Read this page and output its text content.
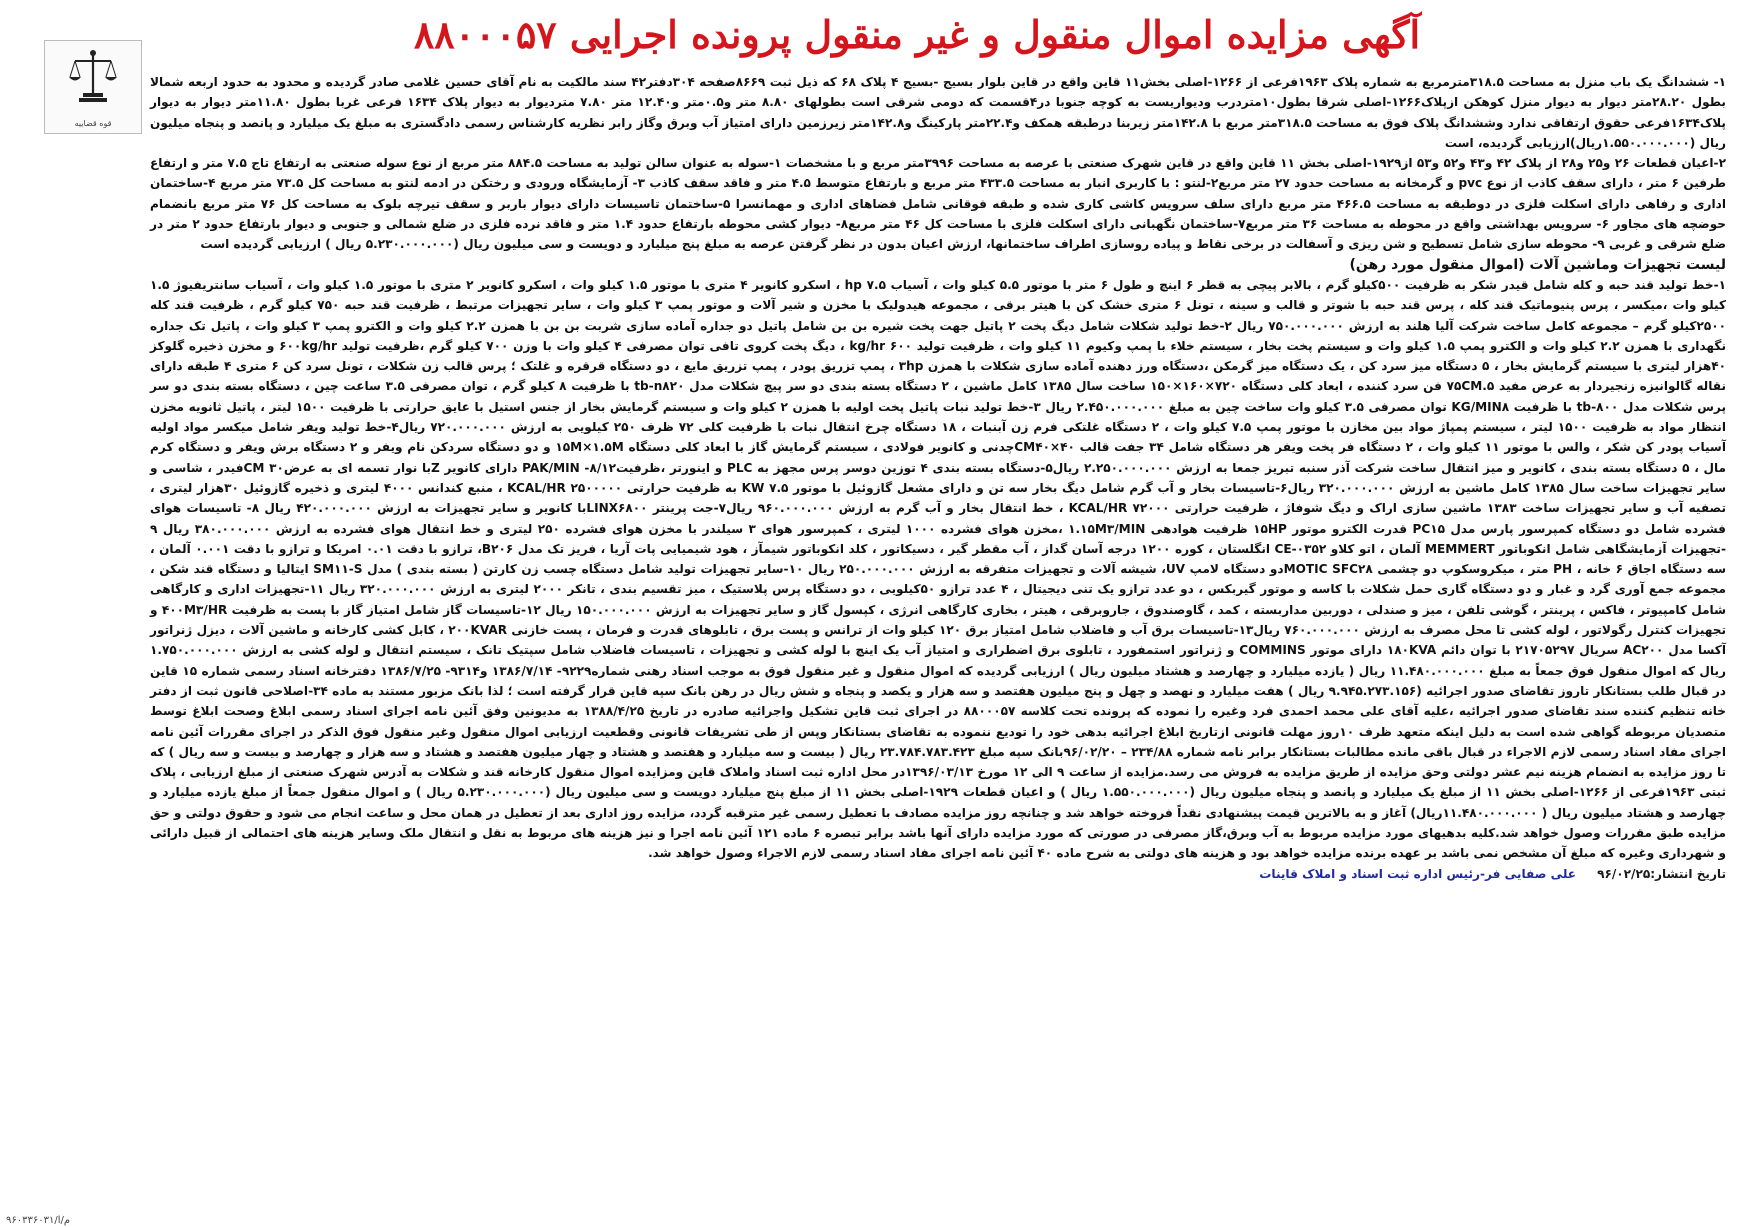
آگهی مزایده اموال منقول و غیر منقول پرونده اجرایی ۸۸۰۰۰۵۷
قوه قضاییه

۱- ششدانگ یک باب منزل به مساحت ۳۱۸.۵مترمربع به شماره پلاک ۱۹۶۳فرعی از ۱۲۶۶-اصلی بخش۱۱ قاین واقع در قاین بلوار بسیج -بسیج ۴ پلاک ۶۸ که ذیل ثبت ۸۶۶۹صفحه ۳۰۴دفتر۴۲ سند مالکیت به نام آقای حسین غلامی صادر گردیده و محدود به حدود اربعه شمالا بطول ۲۸.۲۰متر دیوار به دیوار منزل کوهکن ازپلاک۱۲۶۶-اصلی شرقا بطول۱۰متردرب ودیواریست به کوچه جنوبا در۴قسمت که دومی شرقی است بطولهای ۸.۸۰ متر و۰.۵متر و۱۲.۴۰ متر ۷.۸۰ متردیوار به دیوار پلاک ۱۶۳۴ فرعی غربا بطول ۱۱.۸۰متر دیوار به دیوار پلاک۱۶۳۴فرعی حقوق ارتفاقی ندارد وششدانگ پلاک فوق به مساحت ۳۱۸.۵متر مربع با ۱۴۲.۸متر زیربنا درطبقه همکف و۲۲.۴متر پارکینگ و۱۴۲.۸متر زیرزمین دارای امتیاز آب وبرق وگاز رابر نظریه کارشناس رسمی دادگستری به مبلغ یک میلیارد و پانصد و پنجاه میلیون ریال (۱.۵۵۰.۰۰۰.۰۰۰ریال)ارزیابی گردیده، است

۲-اعیان قطعات ۲۶ و۲۵ و۲۸ از پلاک ۴۲ و۴۳ و۵۲ و۵۳ از۱۹۲۹-اصلی بخش ۱۱ قاین واقع در قاین شهرک صنعتی با عرصه به مساحت ۳۹۹۶متر مربع و با مشخصات ۱-سوله به عنوان سالن تولید به مساحت ۸۸۴.۵ متر مربع از نوع سوله صنعتی به ارتفاع تاج ۷.۵ متر و ارتفاع طرفین ۶ متر ، دارای سقف کاذب از نوع pvc و گرمخانه به مساحت حدود ۲۷ متر مربع۲-لنتو : با کاربری انبار به مساحت ۴۳۳.۵ متر مربع و بارتفاع متوسط ۴.۵ متر و فاقد سقف کاذب ۳- آزمایشگاه ورودی و رختکن در ادمه لنتو به مساحت کل ۷۳.۵ متر مربع ۴-ساختمان اداری و رفاهی دارای اسکلت فلزی در دوطبقه به مساحت ۴۶۶.۵ متر مربع دارای سلف سرویس کاشی کاری شده و طبقه فوقانی شامل فضاهای اداری و مهمانسرا ۵-ساختمان تاسیسات دارای دیوار باربر و سقف تیرچه بلوک به مساحت کل ۷۶ متر مربع بانضمام حوضچه های مجاور ۶- سرویس بهداشتی واقع در محوطه به مساحت ۳۶ متر مربع۷-ساختمان نگهبانی دارای اسکلت فلزی با مساحت کل ۴۶ متر مربع۸- دیوار کشی محوطه بارتفاع حدود ۱.۴ متر و فاقد نرده فلزی در ضلع شمالی و جنوبی و دیوار بارتفاع حدود ۲ متر در ضلع شرقی و غربی ۹- محوطه سازی شامل تسطیح و شن ریزی و آسفالت در برخی نقاط و پیاده روسازی اطراف ساختمانها، ارزش اعیان بدون در نظر گرفتن عرصه به مبلغ پنج میلیارد و دویست و سی میلیون ریال (۵.۲۳۰.۰۰۰.۰۰۰ ریال ) ارزیابی گردیده است

لیست تجهیزات وماشین آلات (اموال منقول مورد رهن)

۱-خط تولید قند حبه و کله شامل قیدر شکر به ظرفیت ۵۰۰کیلو گرم ، بالابر پیچی به قطر ۶ اینچ و طول ۶ متر با موتور ۵.۵ کیلو وات ، آسیاب ۷.۵ hp ، اسکرو کانویر ۴ متری با موتور ۱.۵ کیلو وات ، اسکرو کانویر ۲ متری با موتور ۱.۵ کیلو وات ، آسیاب سانتریفیوژ ۱.۵ کیلو وات ،میکسر ، پرس پنیوماتیک قند کله ، پرس قند حبه با شوتر و قالب و سینه ، تونل ۶ متری خشک کن با هیتر برقی ، مجموعه هیدولیک با مخزن و شیر آلات و موتور پمپ ۳ کیلو وات ، سایر تجهیزات مرتبط ، ظرفیت قند حبه ۷۵۰ کیلو گرم ، ظرفیت قند کله ۲۵۰۰کیلو گرم – مجموعه کامل ساخت شرکت آلیا هلند به ارزش ۷۵۰.۰۰۰.۰۰۰ ریال ۲-خط تولید شکلات شامل دیگ پخت ۲ پاتیل جهت پخت شیره بن بن شامل پاتیل دو جداره آماده سازی شربت بن بن با همزن ۲.۲ کیلو وات و الکترو پمپ ۳ کیلو وات ، پاتیل تک جداره نگهداری با همزن ۲.۲ کیلو وات و الکترو پمپ ۱.۵ کیلو وات و سیستم پخت بخار ، سیستم خلاء با پمپ وکیوم ۱۱ کیلو وات ، ظرفیت تولید ۶۰۰ kg/hr ، دیگ پخت کروی تافی توان مصرفی ۴ کیلو وات با وزن ۷۰۰ کیلو گرم ،ظرفیت تولید ۶۰۰kg/hr و مخزن ذخیره گلوکز ۴۰هزار لیتری با سیستم گرمایش بخار ، ۵ دستگاه میز سرد کن ، یک دستگاه میز گرمکن ،دستگاه ورز دهنده آماده سازی شکلات با همزن ۳hp ، پمپ تزریق پودر ، پمپ تزریق مایع ، دو دستگاه قرقره و غلتک ؛ پرس قالب زن شکلات ، تونل سرد کن ۶ متری ۴ طبقه دارای نقاله گالوانیزه زنجیردار به عرض مفید ۷۵CM.۵ فن سرد کننده ، ابعاد کلی دستگاه ۷۲۰×۱۶۰×۱۵۰ ساخت سال ۱۳۸۵ کامل ماشین ، ۲ دستگاه بسته بندی دو سر پیچ شکلات مدل tb-n۸۲۰ با ظرفیت ۸ کیلو گرم ، توان مصرفی ۳.۵ ساعت چین ، دستگاه بسته بندی دو سر پرس شکلات مدل tb-۸۰۰ با ظرفیت KG/MIN۸ توان مصرفی ۳.۵ کیلو وات ساخت چین به مبلغ ۲.۴۵۰.۰۰۰.۰۰۰ ریال ۳-خط تولید نبات پاتیل پخت اولیه با همزن ۲ کیلو وات و سیستم گرمایش بخار از جنس استیل با عایق حرارتی با ظرفیت ۱۵۰۰ لیتر ، پاتیل ثانویه مخزن انتظار مواد به ظرفیت ۱۵۰۰ لیتر ، سیستم پمپاژ مواد بین مخازن با موتور پمپ ۷.۵ کیلو وات ، ۲ دستگاه غلتکی فرم زن آبنبات ، ۱۸ دستگاه چرخ انتقال نبات با ظرفیت کلی ۷۲ ظرف ۲۵۰ کیلویی به ارزش ۷۲۰.۰۰۰.۰۰۰ ریال۴-خط تولید ویفر شامل میکسر مواد اولیه آسیاب پودر کن شکر ، والس با موتور ۱۱ کیلو وات ، ۲ دستگاه فر پخت ویفر هر دستگاه شامل ۳۴ جفت قالب CM۴۰×۴۰چدنی و کانویر فولادی ، سیستم گرمایش گاز با ابعاد کلی دستگاه ۱۵M×۱.۵M و دو دستگاه سردکن نام ویفر و ۲ دستگاه برش ویفر و دستگاه کرم مال ، ۵ دستگاه بسته بندی ، کانویر و میز انتقال ساخت شرکت آذر سنبه تبریز جمعا به ارزش ۲.۲۵۰.۰۰۰.۰۰۰ ریال۵-دستگاه بسته بندی ۴ توزین دوسر پرس مجهز به PLC و اینورتر ،ظرفیت۸/۱۲- PAK/MIN دارای کانویر Zبا نوار تسمه ای به عرض۳۰ CMفیدر ، شاسی و سایر تجهیزات ساخت سال ۱۳۸۵ کامل ماشین به ارزش ۳۲۰.۰۰۰.۰۰۰ ریال۶-تاسیسات بخار و آب گرم شامل دیگ بخار سه تن و دارای مشعل گازوئیل با موتور ۷.۵ KW به ظرفیت حرارتی KCAL/HR ۲۵۰۰۰۰۰ ، منبع کندانس ۴۰۰۰ لیتری و ذخیره گازوئیل ۳۰هزار لیتری ، تصفیه آب و سایر تجهیزات ساخت ۱۳۸۳ ماشین سازی اراک و دیگ شوفاژ ، ظرفیت حرارتی KCAL/HR ۷۲۰۰۰ ، خط انتقال بخار و آب گرم به ارزش ۹۶۰.۰۰۰.۰۰۰ ریال۷-جت پرینتر LINX۶۸۰۰با کانویر و سایر تجهیزات به ارزش ۴۲۰.۰۰۰.۰۰۰ ریال ۸- تاسیسات هوای فشرده شامل دو دستگاه کمپرسور پارس مدل PC۱۵ قدرت الکترو موتور ۱۵HP ظرفیت هوادهی ۱.۱۵M۳/MIN ،مخزن هوای فشرده ۱۰۰۰ لیتری ، کمپرسور هوای ۳ سیلندر با مخزن هوای فشرده ۲۵۰ لیتری و خط انتقال هوای فشرده به ارزش ۳۸۰.۰۰۰.۰۰۰ ریال ۹ -تجهیزات آزمایشگاهی شامل انکوباتور MEMMERT آلمان ، اتو کلاو CE-۰۳۵۲ انگلستان ، کوره ۱۲۰۰ درجه آسان گداز ، آب مقطر گیر ، دسیکاتور ، کلد انکوباتور شیمآز ، هود شیمیایی پات آریا ، فریز تک مدل B۲۰۶، ترازو با دقت ۰.۰۱ امریکا و ترازو با دقت ۰.۰۰۱ آلمان ، سه دستگاه اجاق ۶ خانه ، PH متر ، میکروسکوپ دو چشمی MOTIC SFC۲۸دو دستگاه لامپ UV، شیشه آلات و تجهیزات متفرقه به ارزش ۲۵۰.۰۰۰.۰۰۰ ریال ۱۰-سایر تجهیزات تولید شامل دستگاه چسب زن کارتن ( بسته بندی ) مدل SM۱۱-S ایتالیا و دستگاه قند شکن ، مجموعه جمع آوری گرد و غبار و دو دستگاه گاری حمل شکلات با کاسه و موتور گیربکس ، دو عدد ترازو یک تنی دیجیتال ، ۴ عدد ترازو ۵۰کیلویی ، دو دستگاه پرس پلاستیک ، میز تقسیم بندی ، تانکر ۲۰۰۰ لیتری به ارزش ۳۲۰.۰۰۰.۰۰۰ ریال ۱۱-تجهیزات اداری و کارگاهی شامل کامپیوتر ، فاکس ، پرینتر ، گوشی تلفن ، میز و صندلی ، دوربین مداربسته ، کمد ، گاوصندوق ، جاروبرقی ، هیتر ، بخاری کارگاهی انرژی ، کپسول گاز و سایر تجهیزات به ارزش ۱۵۰.۰۰۰.۰۰۰ ریال ۱۲-تاسیسات گاز شامل امتیاز گاز با پست به ظرفیت ۴۰۰M۳/HR و تجهیزات کنترل رگولاتور ، لوله کشی تا محل مصرف به ارزش ۷۶۰.۰۰۰.۰۰۰ ریال۱۳-تاسیسات برق آب و فاضلاب شامل امتیاز برق ۱۲۰ کیلو وات از ترانس و پست برق ، تابلوهای قدرت و فرمان ، پست خازنی ۲۰۰KVAR ، کابل کشی کارخانه و ماشین آلات ، دیزل ژنراتور آکسا مدل AC۲۰۰ سریال ۲۱۷۰۵۲۹۷ با توان دائم ۱۸۰KVA دارای موتور COMMINS و ژنراتور استمفورد ، تابلوی برق اضطراری و امتیاز آب یک اینچ با لوله کشی و تجهیزات ، تاسیسات فاضلاب شامل سپتیک تانک ، سیستم انتقال و لوله کشی به ارزش ۱.۷۵۰.۰۰۰.۰۰۰ ریال که اموال منقول فوق جمعاً به مبلغ ۱۱.۴۸۰.۰۰۰.۰۰۰ ریال ( یازده میلیارد و چهارصد و هشتاد میلیون ریال ) ارزیابی گردیده که اموال منقول و غیر منقول فوق به موجب اسناد رهنی شماره۹۲۲۹- ۱۳۸۶/۷/۱۴ و۹۳۱۴- ۱۳۸۶/۷/۲۵ دفترخانه اسناد رسمی شماره ۱۵ قاین در قبال طلب بستانکار تاروز تقاضای صدور اجرائیه (۹.۹۴۵.۲۷۳.۱۵۶ ریال ) هفت میلیارد و نهصد و چهل و پنج میلیون هفتصد و سه هزار و یکصد و پنجاه و شش ریال در رهن بانک سپه قاین قرار گرفته است ؛ لذا بانک مزبور مستند به ماده ۳۴-اصلاحی قانون ثبت از دفتر خانه تنظیم کننده سند تقاضای صدور اجرائیه ،علیه آقای علی محمد احمدی فرد وغیره را نموده که پرونده تحت کلاسه ۸۸۰۰۰۵۷ در اجرای ثبت قاین تشکیل واجرائیه صادره در تاریخ ۱۳۸۸/۴/۲۵ به مدیونین وفق آئین نامه اجرای اسناد رسمی ابلاغ وصحت ابلاغ توسط متصدیان مربوطه گواهی شده است به دلیل اینکه متعهد ظرف ۱۰روز مهلت قانونی ازتاریخ ابلاغ اجرائیه بدهی خود را تودیع ننموده به تقاضای بستانکار وپس از طی تشریفات قانونی وقطعیت ارزیابی اموال منقول وغیر منقول فوق الذکر در اجرای مقررات آئین نامه اجرای مفاد اسناد رسمی لازم الاجراء در قبال باقی مانده مطالبات بستانکار برابر نامه شماره ۲۳۴/۸۸ – ۹۶/۰۲/۲۰بانک سپه مبلغ ۲۳.۷۸۴.۷۸۳.۴۲۳ ریال ( بیست و سه میلیارد و هفتصد و هشتاد و چهار میلیون هفتصد و هشتاد و سه هزار و چهارصد و بیست و سه ریال ) که تا روز مزایده به انضمام هزینه نیم عشر دولتی وحق مزایده از طریق مزایده به فروش می رسد.مزایده از ساعت ۹ الی ۱۲ مورخ ۱۳۹۶/۰۳/۱۳در محل اداره ثبت اسناد واملاک قاین ومزایده اموال منقول کارخانه قند و شکلات به آدرس شهرک صنعتی از مبلغ ارزیابی ، پلاک ثبتی ۱۹۶۳فرعی از ۱۲۶۶-اصلی بخش ۱۱ از مبلغ یک میلیارد و پانصد و پنجاه میلیون ریال (۱.۵۵۰.۰۰۰.۰۰۰ ریال ) و اعیان قطعات ۱۹۲۹-اصلی بخش ۱۱ از مبلغ پنج میلیارد دویست و سی میلیون ریال (۵.۲۳۰.۰۰۰.۰۰۰ ریال ) و اموال منقول جمعاً از مبلغ یازده میلیارد و چهارصد و هشتاد میلیون ریال ( ۱۱.۴۸۰.۰۰۰.۰۰۰ریال) آغاز و به بالاترین قیمت پیشنهادی نقداً فروخته خواهد شد و چنانچه روز مزایده مصادف با تعطیل رسمی غیر مترقبه گردد، مزایده روز اداری بعد از تعطیل در همان محل و ساعت انجام می شود و حقوق دولتی و حق مزایده طبق مقررات وصول خواهد شد.کلیه بدهیهای مورد مزایده مربوط به آب وبرق،گاز مصرفی در صورتی که مورد مزایده دارای آنها باشد برابر تبصره ۶ ماده ۱۲۱ آئین نامه اجرا و نیز هزینه های مربوط به نقل و انتقال ملک وسایر هزینه های احتمالی از قبیل دارائی و شهرداری وغیره که مبلغ آن مشخص نمی باشد بر عهده برنده مزایده خواهد بود و هزینه های دولتی به شرح ماده ۴۰ آئین نامه اجرای مفاد اسناد رسمی لازم الاجراء وصول خواهد شد.

تاریخ انتشار:۹۶/۰۲/۲۵     علی صفایی فر-رئیس اداره ثبت اسناد و املاک قاینات

م/ا/۹۶۰۳۳۶۰۳۱
